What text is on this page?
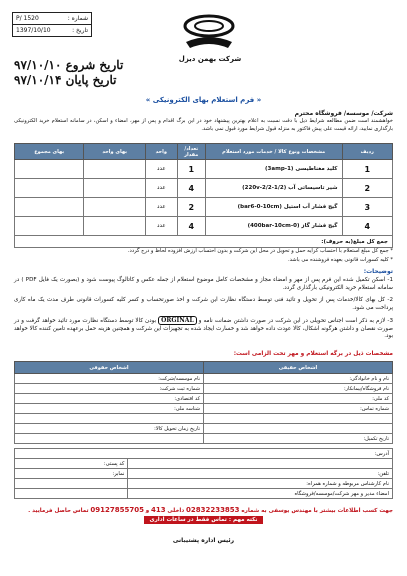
شماره :
P/ 1520
تاریخ :
1397/10/10
تاریخ شروع ۹۷/۱۰/۱۰
تاریخ پایان ۹۷/۱۰/۱۴
شرکت بهمن دیزل
« فرم استعلام بهای الکترونیکی »
شرکت/ موسسه/ فروشگاه محترم
خواهشمند است ضمن مطالعه شرایط ذیل با دقت نسبت به اعلام بهترین پیشنهاد خود در این برگ اقدام و پس از مهر، امضاء و اسکن، در سامانه استعلام خرید الکترونیکی بارگذاری نمایید، ارائه قیمت علی پیش فاکتور به منزله قبول شرایط مورد قبول نمی باشد.
ردیف	مشخصات ونوع کالا / خدمات مورد استعلام	تعداد/ مقدار	واحد	بهای واحد	بهای مجموع
1	کلید مغناطیسی (1-3amp)	1	عدد		
2	شیر تاسیساتی آب (1/2-2/2-220v)	4	عدد		
3	گیج فشار آب استیل (bar6-0-10cm)	2	عدد		
4	گیج فشار گاز (0-400bar-10cm)	4	عدد		
جمع کل مبلغ(به حروف):					
* جمع کل مبلغ استعلام با احتساب کرایه حمل و تحویل در محل این شرکت و بدون احتساب ارزش افزوده لحاظ و درج گردد.
* کلیه کسورات قانونی بعهده فروشنده می باشد.
توضیحات:
1- اسکن تکمیل شده این فرم پس از مهر و امضاء مجاز و مشخصات کامل موضوع استعلام از جمله عکس و کاتالوگ پیوست شود و (بصورت یک فایل PDF ) در سامانه استعلام خرید الکترونیکی بارگذاری گردد.
2- کل بهای کالا/خدمات پس از تحویل و تائید فنی توسط دستگاه نظارت این شرکت و اخذ صورتحساب و کسر کلیه کسورات قانونی طرف مدت یک ماه کاری پرداخت می شود.
3- لازم به ذکر است اجناس تحویلی در این شرکت در صورت داشتن ضمانت نامه و ORGINAL بودن کالا توسط دستگاه نظارت مورد تائید خواهد گرفت و در صورت نقصان و داشتن هرگونه اشکال، کالا عودت داده خواهد شد و خسارت ایجاد شده به تجهیزات این شرکت و همچنین هزینه حمل برعهده تامین کننده کالا خواهد بود.
مشخصات ذیل در برگه استعلام و مهر تحت الزامی است:
اشخاص حقیقی	اشخاص حقوقی
نام و نام خانوادگی:	نام موسسه/شرکت:
نام فروشگاه/پیمانکار:	شماره ثبت شرکت:
کد ملی:	کد اقتصادی:
شماره تماس:	شناسه ملی:

	تاریخ زمان تحویل کالا:
تاریخ تکمیل:	
آدرس:	
	کد پستی:
تلفن:	نمابر:
نام کارشناس مربوطه و شماره همراه:	
امضاء مدیر و مهر شرکت/موسسه/فروشگاه	
جهت کسب اطلاعات بیشتر با مهندس یوسفی به شماره 02832233853 داخلی 413 و 09127855705 تماس حاصل فرمایید .
نکته مهم : تماس فقط در ساعات اداری
رئیس اداره پشتیبانی
